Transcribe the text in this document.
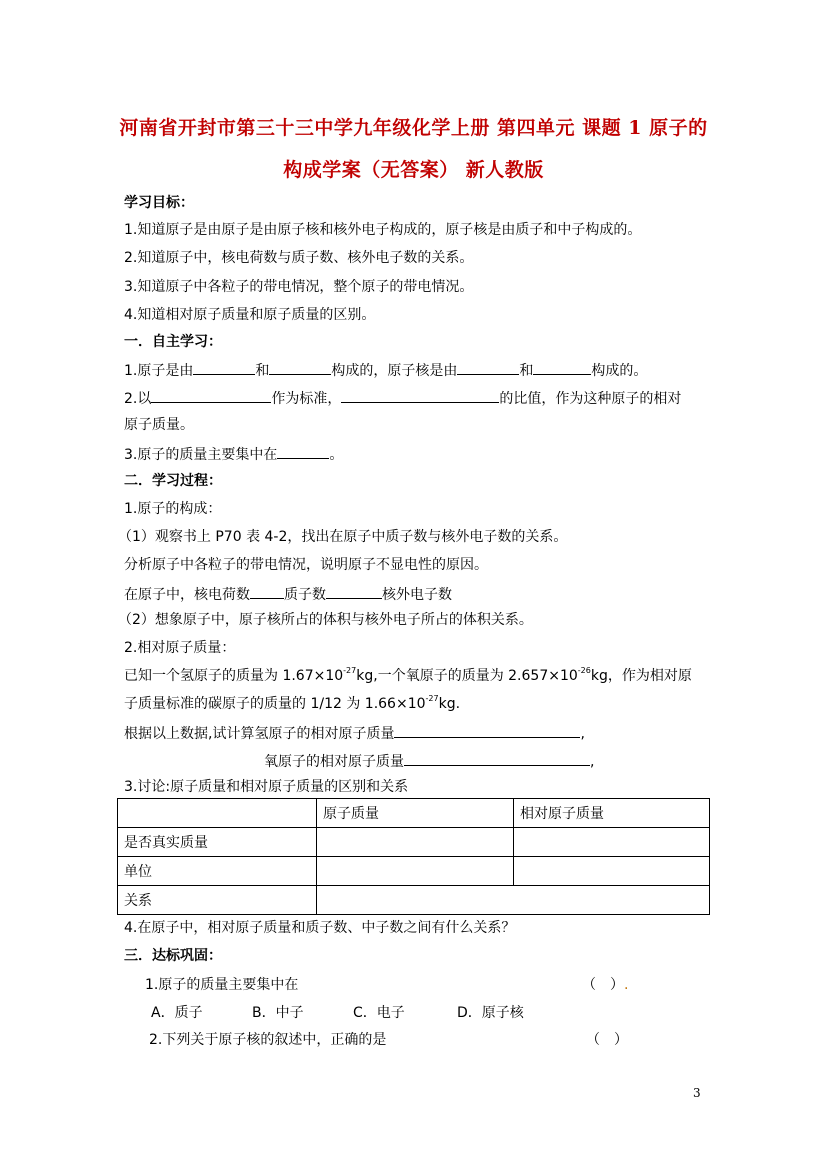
河南省开封市第三十三中学九年级化学上册 第四单元 课题 1 原子的
构成学案（无答案） 新人教版
学习目标：
1.知道原子是由原子是由原子核和核外电子构成的，原子核是由质子和中子构成的。
2.知道原子中，核电荷数与质子数、核外电子数的关系。
3.知道原子中各粒子的带电情况，整个原子的带电情况。
4.知道相对原子质量和原子质量的区别。
一．自主学习：
1.原子是由	和	构成的，原子核是由	和	构成的。
2.以	作为标准，	的比值，作为这种原子的相对
原子质量。
3.原子的质量主要集中在	。
二．学习过程：
1.原子的构成：
（1）观察书上 P70 表 4-2，找出在原子中质子数与核外电子数的关系。
分析原子中各粒子的带电情况，说明原子不显电性的原因。
在原子中，核电荷数 质子数	核外电子数
（2）想象原子中，原子核所占的体积与核外电子所占的体积关系。
2.相对原子质量：
已知一个氢原子的质量为 $1.67\times 10^{-27}kg$,一个氧原子的质量为 $2.657\times 10^{-26}kg$，作为相对原
子质量标准的碳原子的质量的 1/12 为 $1.66\times 10^{-27}kg$.
根据以上数据,试计算氢原子的相对原子质量	,
氧原子的相对原子质量	,
3.讨论:原子质量和相对原子质量的区别和关系
	原子质量	相对原子质量
是否真实质量		
单位		
关系		
4.在原子中，相对原子质量和质子数、中子数之间有什么关系？
三．达标巩固：
1.原子的质量主要集中在	（　）.
A．质子	B．中子	C．电子	D．原子核
2.下列关于原子核的叙述中，正确的是	（　）
3
